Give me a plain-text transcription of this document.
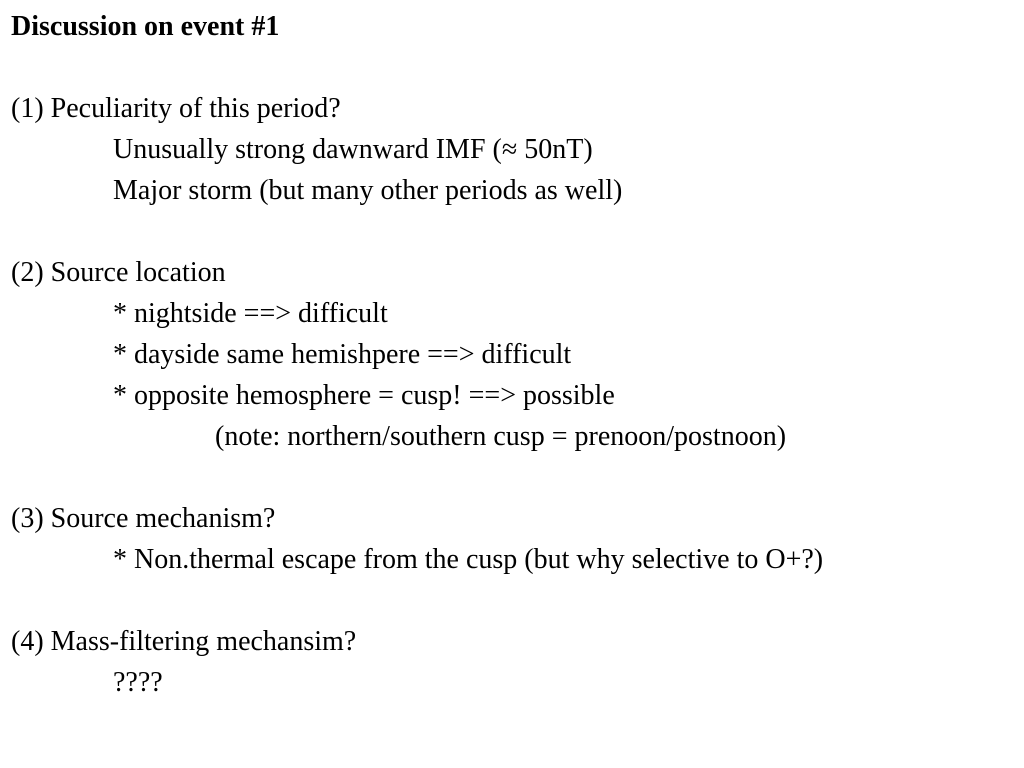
Discussion on event #1
(1) Peculiarity of this period?
Unusually strong dawnward IMF (≈ 50nT)
Major storm (but many other periods as well)
(2) Source location
* nightside ==> difficult
* dayside same hemishpere ==> difficult
* opposite hemosphere = cusp! ==> possible
(note: northern/southern cusp = prenoon/postnoon)
(3) Source mechanism?
* Non.thermal escape from the cusp (but why selective to O+?)
(4) Mass-filtering mechansim?
????
